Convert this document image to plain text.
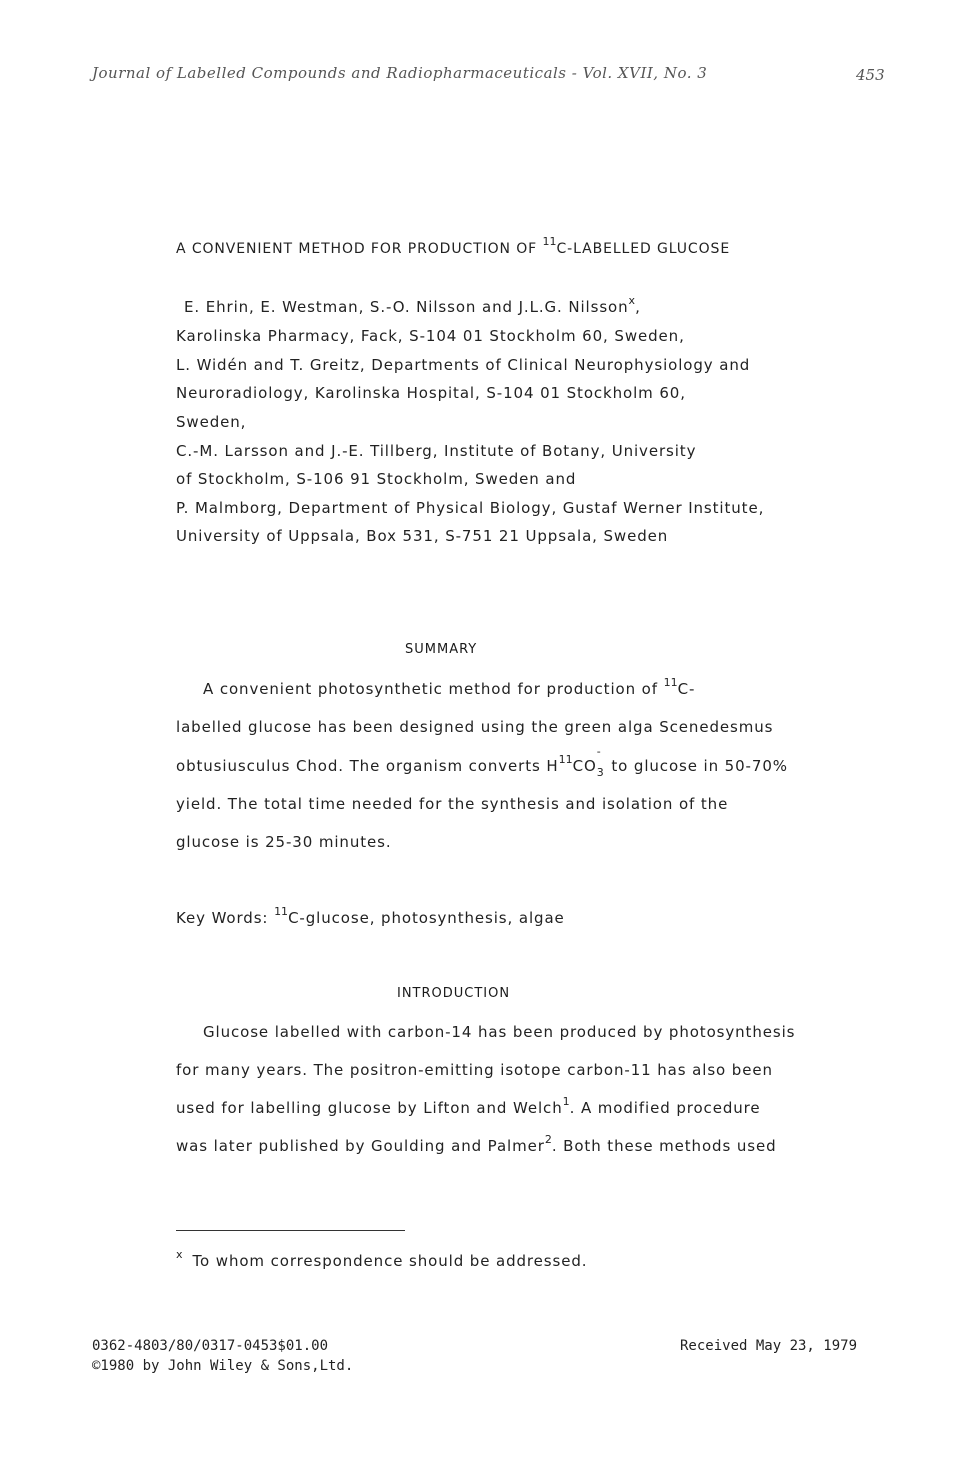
Journal of Labelled Compounds and Radiopharmaceuticals - Vol. XVII, No. 3	453
A CONVENIENT METHOD FOR PRODUCTION OF $^{11}$C-LABELLED GLUCOSE
E. Ehrin, E. Westman, S.-O. Nilsson and J.L.G. Nilsson$^x$,
Karolinska Pharmacy, Fack, S-104 01 Stockholm 60, Sweden,
L. Widén and T. Greitz, Departments of Clinical Neurophysiology and
Neuroradiology, Karolinska Hospital, S-104 01 Stockholm 60,
Sweden,
C.-M. Larsson and J.-E. Tillberg, Institute of Botany, University
of Stockholm, S-106 91 Stockholm, Sweden and
P. Malmborg, Department of Physical Biology, Gustaf Werner Institute,
University of Uppsala, Box 531, S-751 21 Uppsala, Sweden
SUMMARY
A convenient photosynthetic method for production of $^{11}$C-
labelled glucose has been designed using the green alga Scenedesmus
obtusiusculus Chod. The organism converts $H^{11}CO$
-
$_3$ to glucose in 50-70%
yield. The total time needed for the synthesis and isolation of the
glucose is 25-30 minutes.
Key Words: $^{11}$C-glucose, photosynthesis, algae
INTRODUCTION
Glucose labelled with carbon-14 has been produced by photosynthesis
for many years. The positron-emitting isotope carbon-11 has also been
used for labelling glucose by Lifton and Welch$^1$. A modified procedure
was later published by Goulding and Palmer$^2$. Both these methods used
$^x$ To whom correspondence should be addressed.
0362-4803/80/0317-0453$01.00
©1980 by John Wiley & Sons,Ltd.
Received May 23, 1979
